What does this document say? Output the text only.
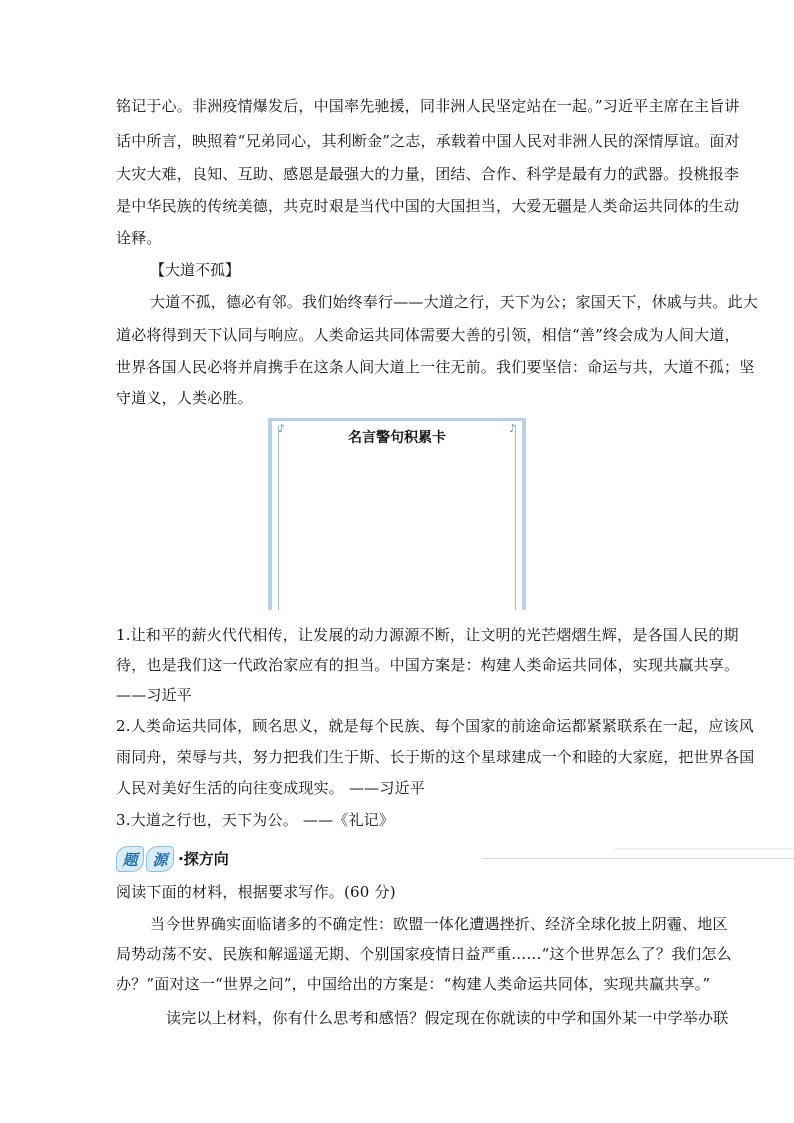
铭记于心。非洲疫情爆发后，中国率先驰援，同非洲人民坚定站在一起。”习近平主席在主旨讲
话中所言，映照着“兄弟同心，其利断金”之志，承载着中国人民对非洲人民的深情厚谊。面对
大灾大难，良知、互助、感恩是最强大的力量，团结、合作、科学是最有力的武器。投桃报李
是中华民族的传统美德，共克时艰是当代中国的大国担当，大爱无疆是人类命运共同体的生动
诠释。
【大道不孤】
大道不孤，德必有邻。我们始终奉行——大道之行，天下为公；家国天下，休戚与共。此大
道必将得到天下认同与响应。人类命运共同体需要大善的引领，相信“善”终会成为人间大道，
世界各国人民必将并肩携手在这条人间大道上一往无前。我们要坚信：命运与共，大道不孤；坚
守道义，人类必胜。
♪	♪
名言警句积累卡
1.让和平的薪火代代相传，让发展的动力源源不断，让文明的光芒熠熠生辉，是各国人民的期
待，也是我们这一代政治家应有的担当。中国方案是：构建人类命运共同体，实现共赢共享。
——习近平
2.人类命运共同体，顾名思义，就是每个民族、每个国家的前途命运都紧紧联系在一起，应该风
雨同舟，荣辱与共，努力把我们生于斯、长于斯的这个星球建成一个和睦的大家庭，把世界各国
人民对美好生活的向往变成现实。 ——习近平
3.大道之行也，天下为公。 ——《礼记》
题 源 ·探方向
阅读下面的材料，根据要求写作。(60 分)
当今世界确实面临诸多的不确定性：欧盟一体化遭遇挫折、经济全球化披上阴霾、地区
局势动荡不安、民族和解遥遥无期、个别国家疫情日益严重……“这个世界怎么了？我们怎么
办？”面对这一“世界之问”，中国给出的方案是：“构建人类命运共同体，实现共赢共享。”
读完以上材料，你有什么思考和感悟？假定现在你就读的中学和国外某一中学举办联
